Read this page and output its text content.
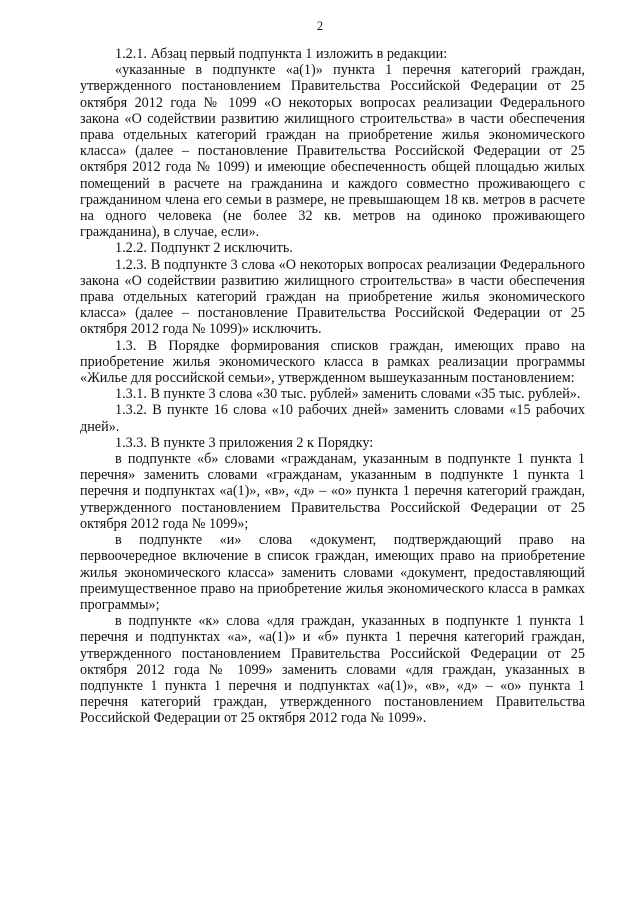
2

1.2.1. Абзац первый подпункта 1 изложить в редакции:

«указанные в подпункте «а(1)» пункта 1 перечня категорий граждан, утвержденного постановлением Правительства Российской Федерации от 25 октября 2012 года № 1099 «О некоторых вопросах реализации Федерального закона «О содействии развитию жилищного строительства» в части обеспечения права отдельных категорий граждан на приобретение жилья экономического класса» (далее – постановление Правительства Российской Федерации от 25 октября 2012 года № 1099) и имеющие обеспеченность общей площадью жилых помещений в расчете на гражданина и каждого совместно проживающего с гражданином члена его семьи в размере, не превышающем 18 кв. метров в расчете на одного человека (не более 32 кв. метров на одиноко проживающего гражданина), в случае, если».

1.2.2. Подпункт 2 исключить.

1.2.3. В подпункте 3 слова «О некоторых вопросах реализации Федерального закона «О содействии развитию жилищного строительства» в части обеспечения права отдельных категорий граждан на приобретение жилья экономического класса» (далее – постановление Правительства Российской Федерации от 25 октября 2012 года № 1099)» исключить.

1.3. В Порядке формирования списков граждан, имеющих право на приобретение жилья экономического класса в рамках реализации программы «Жилье для российской семьи», утвержденном вышеуказанным постановлением:

1.3.1. В пункте 3 слова «30 тыс. рублей» заменить словами «35 тыс. рублей».

1.3.2. В пункте 16 слова «10 рабочих дней» заменить словами «15 рабочих дней».

1.3.3. В пункте 3 приложения 2 к Порядку:

в подпункте «б» словами «гражданам, указанным в подпункте 1 пункта 1 перечня» заменить словами «гражданам, указанным в подпункте 1 пункта 1 перечня и подпунктах «а(1)», «в», «д» – «о» пункта 1 перечня категорий граждан, утвержденного постановлением Правительства Российской Федерации от 25 октября 2012 года № 1099»;

в подпункте «и» слова «документ, подтверждающий право на первоочередное включение в список граждан, имеющих право на приобретение жилья экономического класса» заменить словами «документ, предоставляющий преимущественное право на приобретение жилья экономического класса в рамках программы»;

в подпункте «к» слова «для граждан, указанных в подпункте 1 пункта 1 перечня и подпунктах «а», «а(1)» и «б» пункта 1 перечня категорий граждан, утвержденного постановлением Правительства Российской Федерации от 25 октября 2012 года № 1099» заменить словами «для граждан, указанных в подпункте 1 пункта 1 перечня и подпунктах «а(1)», «в», «д» – «о» пункта 1 перечня категорий граждан, утвержденного постановлением Правительства Российской Федерации от 25 октября 2012 года № 1099».
